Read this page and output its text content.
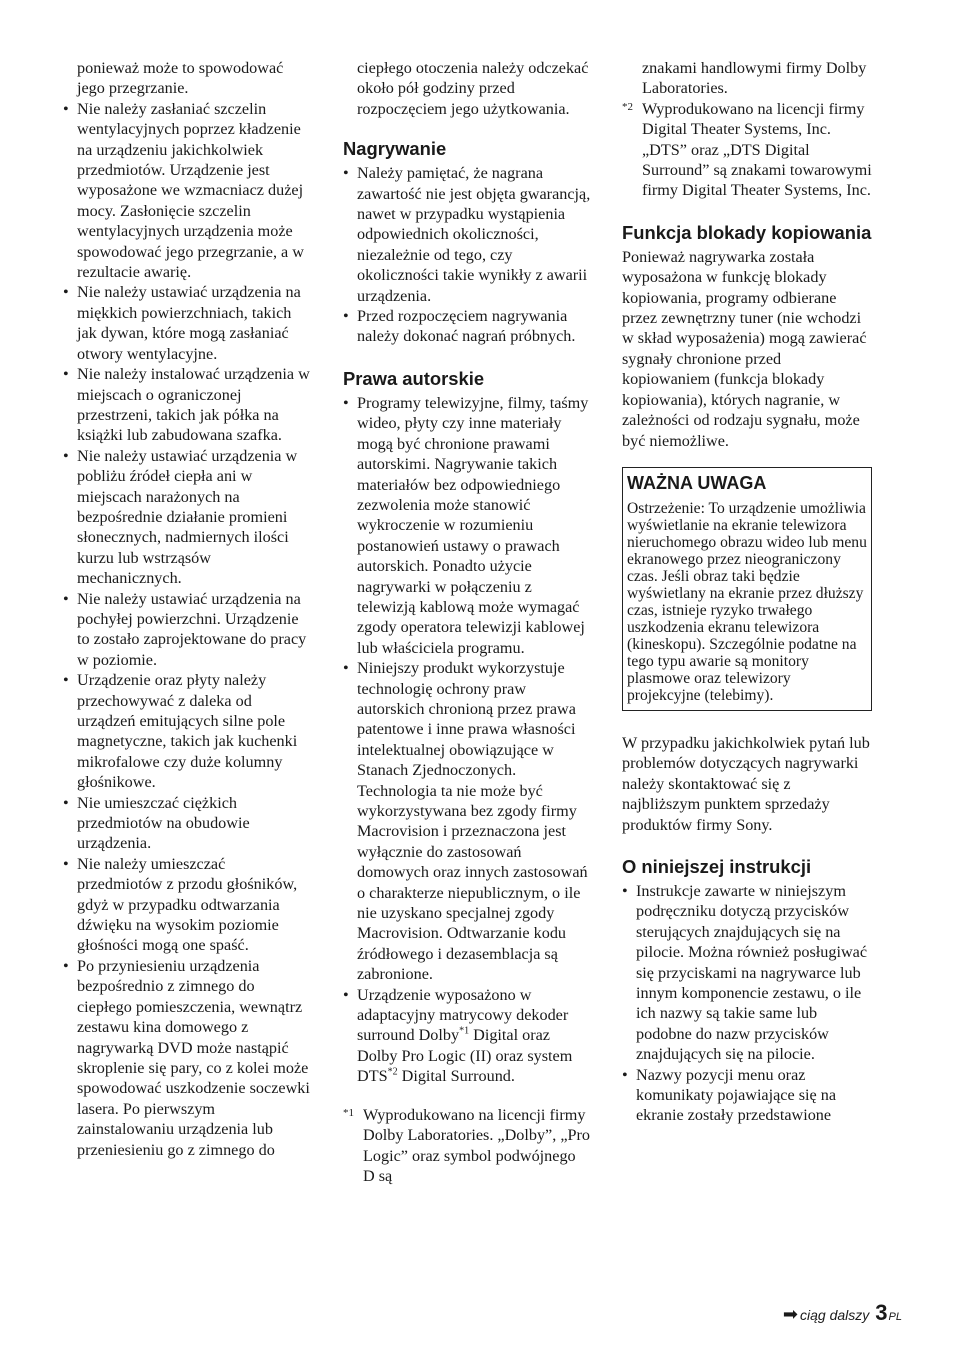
ponieważ może to spowodować jego przegrzanie.

• Nie należy zasłaniać szczelin wentylacyjnych poprzez kładzenie na urządzeniu jakichkolwiek przedmiotów. Urządzenie jest wyposażone we wzmacniacz dużej mocy. Zasłonięcie szczelin wentylacyjnych urządzenia może spowodować jego przegrzanie, a w rezultacie awarię.
• Nie należy ustawiać urządzenia na miękkich powierzchniach, takich jak dywan, które mogą zasłaniać otwory wentylacyjne.
• Nie należy instalować urządzenia w miejscach o ograniczonej przestrzeni, takich jak półka na książki lub zabudowana szafka.
• Nie należy ustawiać urządzenia w pobliżu źródeł ciepła ani w miejscach narażonych na bezpośrednie działanie promieni słonecznych, nadmiernych ilości kurzu lub wstrząsów mechanicznych.
• Nie należy ustawiać urządzenia na pochyłej powierzchni. Urządzenie to zostało zaprojektowane do pracy w poziomie.
• Urządzenie oraz płyty należy przechowywać z daleka od urządzeń emitujących silne pole magnetyczne, takich jak kuchenki mikrofalowe czy duże kolumny głośnikowe.
• Nie umieszczać ciężkich przedmiotów na obudowie urządzenia.
• Nie należy umieszczać przedmiotów z przodu głośników, gdyż w przypadku odtwarzania dźwięku na wysokim poziomie głośności mogą one spaść.
• Po przyniesieniu urządzenia bezpośrednio z zimnego do ciepłego pomieszczenia, wewnątrz zestawu kina domowego z nagrywarką DVD może nastąpić skroplenie się pary, co z kolei może spowodować uszkodzenie soczewki lasera. Po pierwszym zainstalowaniu urządzenia lub przeniesieniu go z zimnego do

ciepłego otoczenia należy odczekać około pół godziny przed rozpoczęciem jego użytkowania.

Nagrywanie
• Należy pamiętać, że nagrana zawartość nie jest objęta gwarancją, nawet w przypadku wystąpienia odpowiednich okoliczności, niezależnie od tego, czy okoliczności takie wynikły z awarii urządzenia.
• Przed rozpoczęciem nagrywania należy dokonać nagrań próbnych.
Prawa autorskie
• Programy telewizyjne, filmy, taśmy wideo, płyty czy inne materiały mogą być chronione prawami autorskimi. Nagrywanie takich materiałów bez odpowiedniego zezwolenia może stanowić wykroczenie w rozumieniu postanowień ustawy o prawach autorskich. Ponadto użycie nagrywarki w połączeniu z telewizją kablową może wymagać zgody operatora telewizji kablowej lub właściciela programu.
• Niniejszy produkt wykorzystuje technologię ochrony praw autorskich chronioną przez prawa patentowe i inne prawa własności intelektualnej obowiązujące w Stanach Zjednoczonych. Technologia ta nie może być wykorzystywana bez zgody firmy Macrovision i przeznaczona jest wyłącznie do zastosowań domowych oraz innych zastosowań o charakterze niepublicznym, o ile nie uzyskano specjalnej zgody Macrovision. Odtwarzanie kodu źródłowego i dezasemblacja są zabronione.
• Urządzenie wyposażono w adaptacyjny matrycowy dekoder surround Dolby$^{*1}$ Digital oraz Dolby Pro Logic (II) oraz system DTS$^{*2}$ Digital Surround.
*1 Wyprodukowano na licencji firmy Dolby Laboratories. „Dolby”, „Pro Logic” oraz symbol podwójnego D są

znakami handlowymi firmy Dolby Laboratories.

*2 Wyprodukowano na licencji firmy Digital Theater Systems, Inc.
„DTS” oraz „DTS Digital Surround” są znakami towarowymi firmy Digital Theater Systems, Inc.
Funkcja blokady kopiowania

Ponieważ nagrywarka została wyposażona w funkcję blokady kopiowania, programy odbierane przez zewnętrzny tuner (nie wchodzi w skład wyposażenia) mogą zawierać sygnały chronione przed kopiowaniem (funkcja blokady kopiowania), których nagranie, w zależności od rodzaju sygnału, może być niemożliwe.

WAŻNA UWAGA

Ostrzeżenie: To urządzenie umożliwia wyświetlanie na ekranie telewizora nieruchomego obrazu wideo lub menu ekranowego przez nieograniczony czas. Jeśli obraz taki będzie wyświetlany na ekranie przez dłuższy czas, istnieje ryzyko trwałego uszkodzenia ekranu telewizora (kineskopu). Szczególnie podatne na tego typu awarie są monitory plasmowe oraz telewizory projekcyjne (telebimy).

W przypadku jakichkolwiek pytań lub problemów dotyczących nagrywarki należy skontaktować się z najbliższym punktem sprzedaży produktów firmy Sony.

O niniejszej instrukcji
• Instrukcje zawarte w niniejszym podręczniku dotyczą przycisków sterujących znajdujących się na pilocie. Można również posługiwać się przyciskami na nagrywarce lub innym komponencie zestawu, o ile ich nazwy są takie same lub podobne do nazw przycisków znajdujących się na pilocie.
• Nazwy pozycji menu oraz komunikaty pojawiające się na ekranie zostały przedstawione
➡ ciąg dalszy 3 PL
